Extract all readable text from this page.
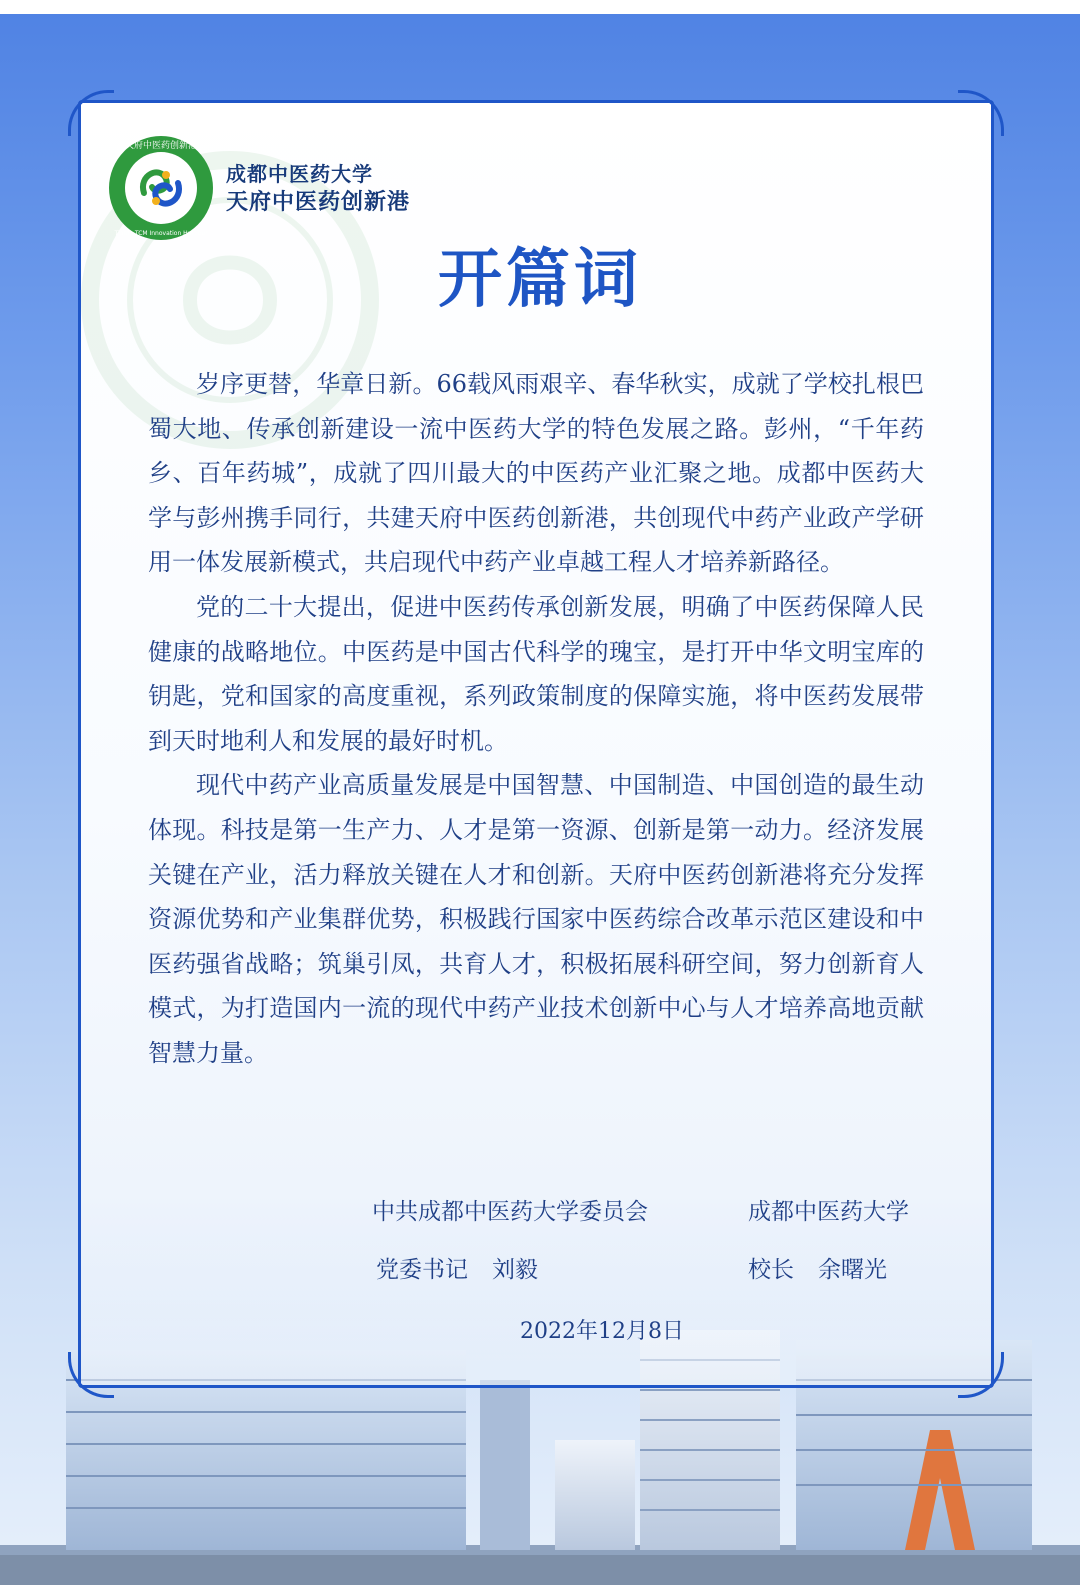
天府中医药创新港
Tianfu TCM Innovation Harbour
成都中医药大学
天府中医药创新港
开篇词

岁序更替，华章日新。66载风雨艰辛、春华秋实，成就了学校扎根巴蜀大地、传承创新建设一流中医药大学的特色发展之路。彭州，“千年药乡、百年药城”，成就了四川最大的中医药产业汇聚之地。成都中医药大学与彭州携手同行，共建天府中医药创新港，共创现代中药产业政产学研用一体发展新模式，共启现代中药产业卓越工程人才培养新路径。

党的二十大提出，促进中医药传承创新发展，明确了中医药保障人民健康的战略地位。中医药是中国古代科学的瑰宝，是打开中华文明宝库的钥匙，党和国家的高度重视，系列政策制度的保障实施，将中医药发展带到天时地利人和发展的最好时机。

现代中药产业高质量发展是中国智慧、中国制造、中国创造的最生动体现。科技是第一生产力、人才是第一资源、创新是第一动力。经济发展关键在产业，活力释放关键在人才和创新。天府中医药创新港将充分发挥资源优势和产业集群优势，积极践行国家中医药综合改革示范区建设和中医药强省战略；筑巢引凤，共育人才，积极拓展科研空间，努力创新育人模式，为打造国内一流的现代中药产业技术创新中心与人才培养高地贡献智慧力量。

中共成都中医药大学委员会
党委书记 刘毅
成都中医药大学
校长 余曙光
2022年12月8日
